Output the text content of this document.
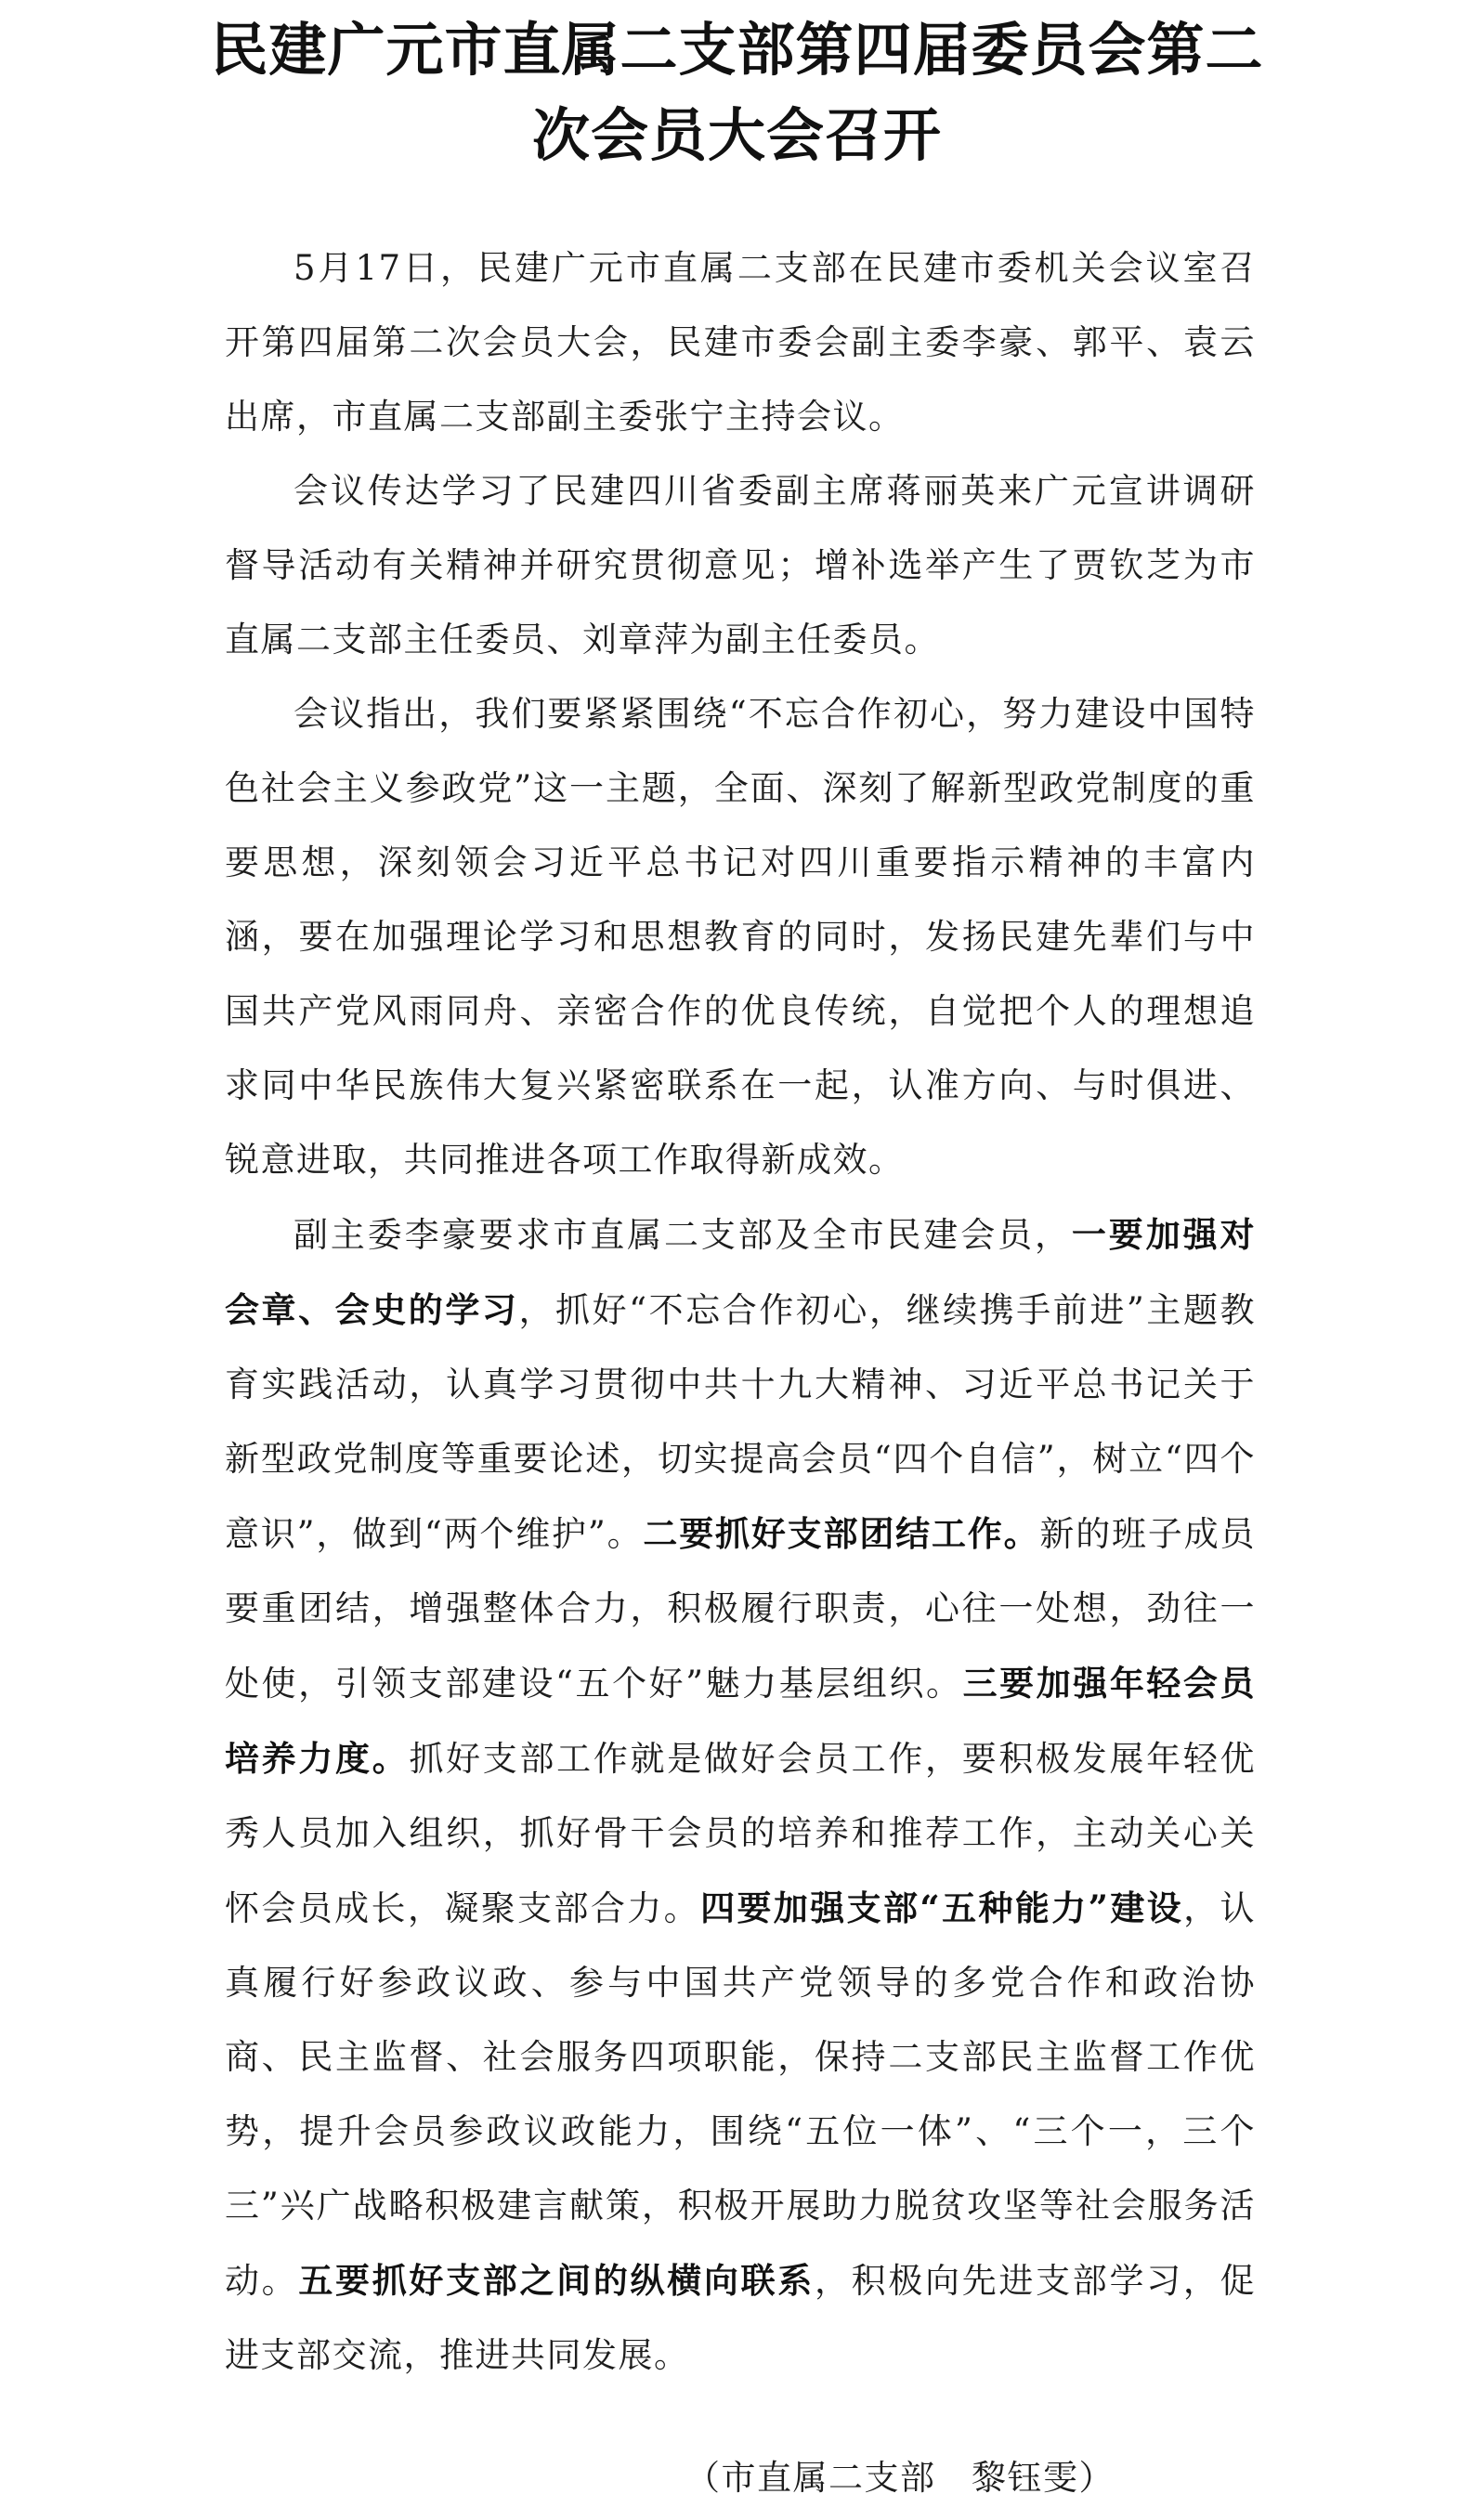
民建广元市直属二支部第四届委员会第二
次会员大会召开

5月17日，民建广元市直属二支部在民建市委机关会议室召开第四届第二次会员大会，民建市委会副主委李豪、郭平、袁云出席，市直属二支部副主委张宁主持会议。

会议传达学习了民建四川省委副主席蒋丽英来广元宣讲调研督导活动有关精神并研究贯彻意见；增补选举产生了贾钦芝为市直属二支部主任委员、刘章萍为副主任委员。

会议指出，我们要紧紧围绕“不忘合作初心，努力建设中国特色社会主义参政党”这一主题，全面、深刻了解新型政党制度的重要思想，深刻领会习近平总书记对四川重要指示精神的丰富内涵，要在加强理论学习和思想教育的同时，发扬民建先辈们与中国共产党风雨同舟、亲密合作的优良传统，自觉把个人的理想追求同中华民族伟大复兴紧密联系在一起，认准方向、与时俱进、锐意进取，共同推进各项工作取得新成效。

副主委李豪要求市直属二支部及全市民建会员，一要加强对会章、会史的学习，抓好“不忘合作初心，继续携手前进”主题教育实践活动，认真学习贯彻中共十九大精神、习近平总书记关于新型政党制度等重要论述，切实提高会员“四个自信”，树立“四个意识”，做到“两个维护”。二要抓好支部团结工作。新的班子成员要重团结，增强整体合力，积极履行职责，心往一处想，劲往一处使，引领支部建设“五个好”魅力基层组织。三要加强年轻会员培养力度。抓好支部工作就是做好会员工作，要积极发展年轻优秀人员加入组织，抓好骨干会员的培养和推荐工作，主动关心关怀会员成长，凝聚支部合力。四要加强支部“五种能力”建设，认真履行好参政议政、参与中国共产党领导的多党合作和政治协商、民主监督、社会服务四项职能，保持二支部民主监督工作优势，提升会员参政议政能力，围绕“五位一体”、“三个一，三个三”兴广战略积极建言献策，积极开展助力脱贫攻坚等社会服务活动。五要抓好支部之间的纵横向联系，积极向先进支部学习，促进支部交流，推进共同发展。

（市直属二支部　黎钰雯）
